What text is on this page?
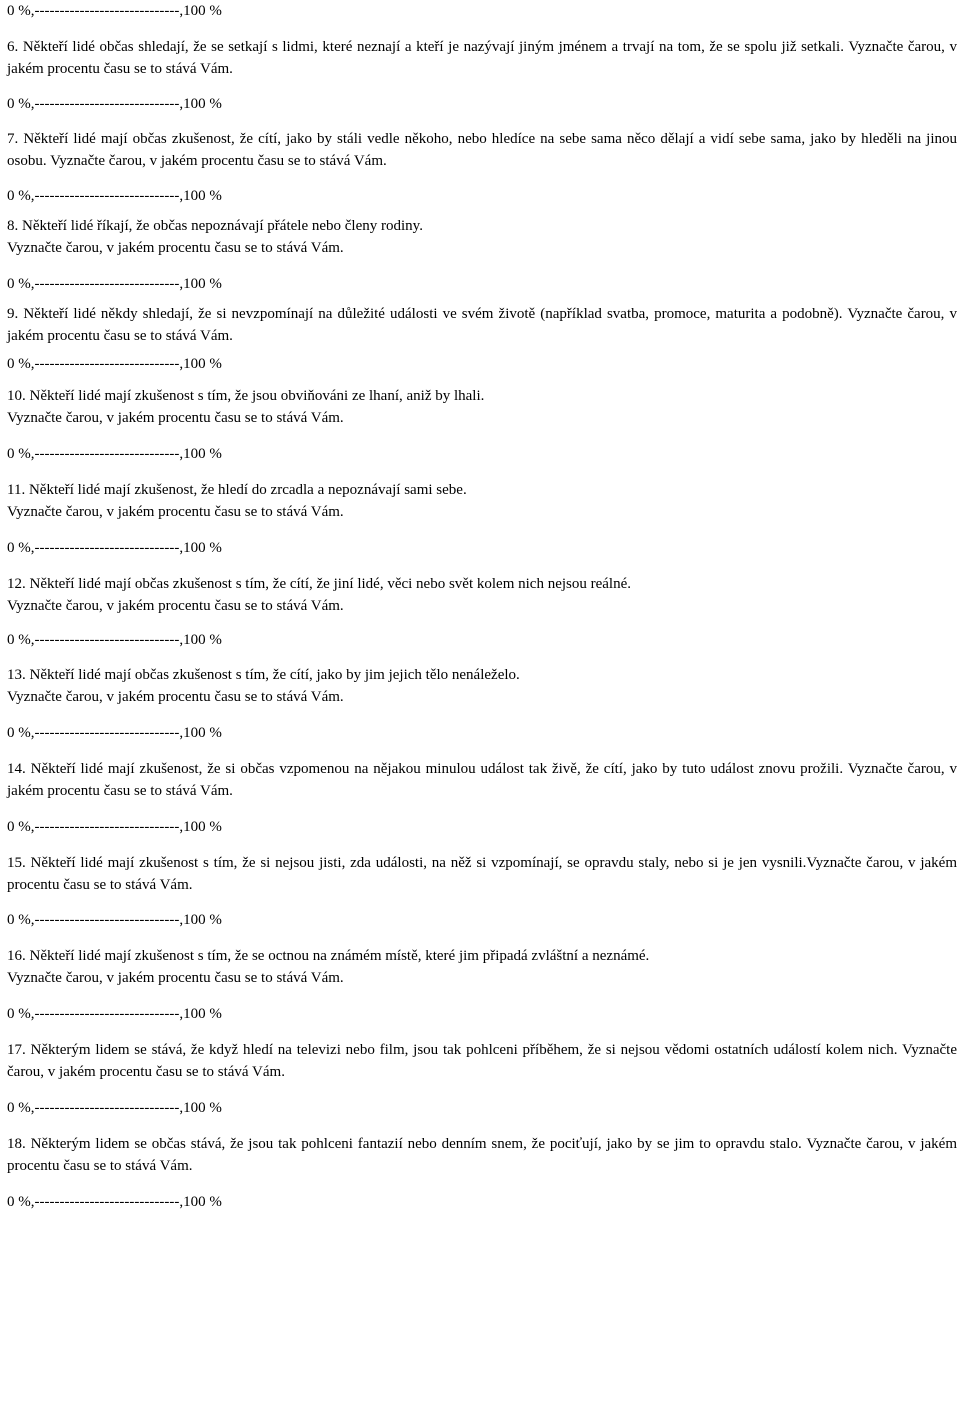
0 %,-----------------------------,100 %
6. Někteří lidé občas shledají, že se setkají s lidmi, které neznají a kteří je nazývají jiným jménem a trvají na tom, že se spolu již setkali. Vyznačte čarou, v jakém procentu času se to stává Vám.
0 %,-----------------------------,100 %
7. Někteří lidé mají občas zkušenost, že cítí, jako by stáli vedle někoho, nebo hledíce na sebe sama něco dělají a vidí sebe sama, jako by hleděli na jinou osobu. Vyznačte čarou, v jakém procentu času se to stává Vám.
0 %,-----------------------------,100 %
8. Někteří lidé říkají, že občas nepoznávají přátele nebo členy rodiny.
Vyznačte čarou, v jakém procentu času se to stává Vám.
0 %,-----------------------------,100 %
9. Někteří lidé někdy shledají, že si nevzpomínají na důležité události ve svém životě (například svatba, promoce, maturita a podobně). Vyznačte čarou, v jakém procentu času se to stává Vám.
0 %,-----------------------------,100 %
10. Někteří lidé mají zkušenost s tím, že jsou obviňováni ze lhaní, aniž by lhali.
Vyznačte čarou, v jakém procentu času se to stává Vám.
0 %,-----------------------------,100 %
11. Někteří lidé mají zkušenost, že hledí do zrcadla a nepoznávají sami sebe.
Vyznačte čarou, v jakém procentu času se to stává Vám.
0 %,-----------------------------,100 %
12. Někteří lidé mají občas zkušenost s tím, že cítí, že jiní lidé, věci nebo svět kolem nich nejsou reálné.
Vyznačte čarou, v jakém procentu času se to stává Vám.
0 %,-----------------------------,100 %
13. Někteří lidé mají občas zkušenost s tím, že cítí, jako by jim jejich tělo nenáleželo.
Vyznačte čarou, v jakém procentu času se to stává Vám.
0 %,-----------------------------,100 %
14. Někteří lidé mají zkušenost, že si občas vzpomenou na nějakou minulou událost tak živě, že cítí, jako by tuto událost znovu prožili. Vyznačte čarou, v jakém procentu času se to stává Vám.
0 %,-----------------------------,100 %
15. Někteří lidé mají zkušenost s tím, že si nejsou jisti, zda události, na něž si vzpomínají, se opravdu staly, nebo si je jen vysnili.Vyznačte čarou, v jakém procentu času se to stává Vám.
0 %,-----------------------------,100 %
16. Někteří lidé mají zkušenost s tím, že se octnou na známém místě, které jim připadá zvláštní a neznámé.
Vyznačte čarou, v jakém procentu času se to stává Vám.
0 %,-----------------------------,100 %
17. Některým lidem se stává, že když hledí na televizi nebo film, jsou tak pohlceni příběhem, že si nejsou vědomi ostatních událostí kolem nich. Vyznačte čarou, v jakém procentu času se to stává Vám.
0 %,-----------------------------,100 %
18. Některým lidem se občas stává, že jsou tak pohlceni fantazií nebo denním snem, že pociťují, jako by se jim to opravdu stalo. Vyznačte čarou, v jakém procentu času se to stává Vám.
0 %,-----------------------------,100 %
